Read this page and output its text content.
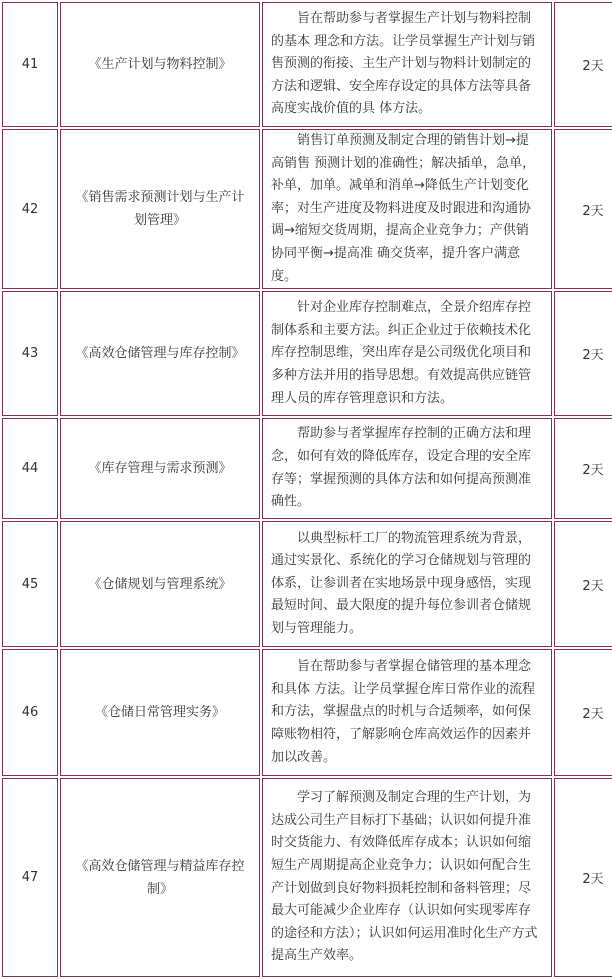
41	《生产计划与物料控制》	旨在帮助参与者掌握生产计划与物料控制的基本 理念和方法。让学员掌握生产计划与销售预测的衔接、主生产计划与物料计划制定的方法和逻辑、安全库存设定的具体方法等具备高度实战价值的具 体方法。	2天
42	《销售需求预测计划与生产计划管理》	销售订单预测及制定合理的销售计划→提高销售 预测计划的准确性；解决插单，急单，补单，加单。减单和消单→降低生产计划变化率；对生产进度及物料进度及时跟进和沟通协调→缩短交货周期，提高企业竞争力；产供销协同平衡→提高准 确交货率，提升客户满意度。	2天
43	《高效仓储管理与库存控制》	针对企业库存控制难点，全景介绍库存控制体系和主要方法。纠正企业过于依赖技术化库存控制思维，突出库存是公司级优化项目和多种方法并用的指导思想。有效提高供应链管理人员的库存管理意识和方法。	2天
44	《库存管理与需求预测》	帮助参与者掌握库存控制的正确方法和理念，如何有效的降低库存，设定合理的安全库存等；掌握预测的具体方法和如何提高预测准确性。	2天
45	《仓储规划与管理系统》	以典型标杆工厂的物流管理系统为背景，通过实景化、系统化的学习仓储规划与管理的体系，让参训者在实地场景中现身感悟，实现最短时间、最大限度的提升每位参训者仓储规划与管理能力。	2天
46	《仓储日常管理实务》	旨在帮助参与者掌握仓储管理的基本理念和具体 方法。让学员掌握仓库日常作业的流程和方法，掌握盘点的时机与合适频率，如何保障账物相符，了解影响仓库高效运作的因素并加以改善。	2天
47	《高效仓储管理与精益库存控制》	学习了解预测及制定合理的生产计划，为达成公司生产目标打下基础；认识如何提升准时交货能力、有效降低库存成本；认识如何缩短生产周期提高企业竞争力；认识如何配合生产计划做到良好物料损耗控制和备料管理；尽最大可能减少企业库存（认识如何实现零库存的途径和方法）；认识如何运用准时化生产方式提高生产效率。	2天
